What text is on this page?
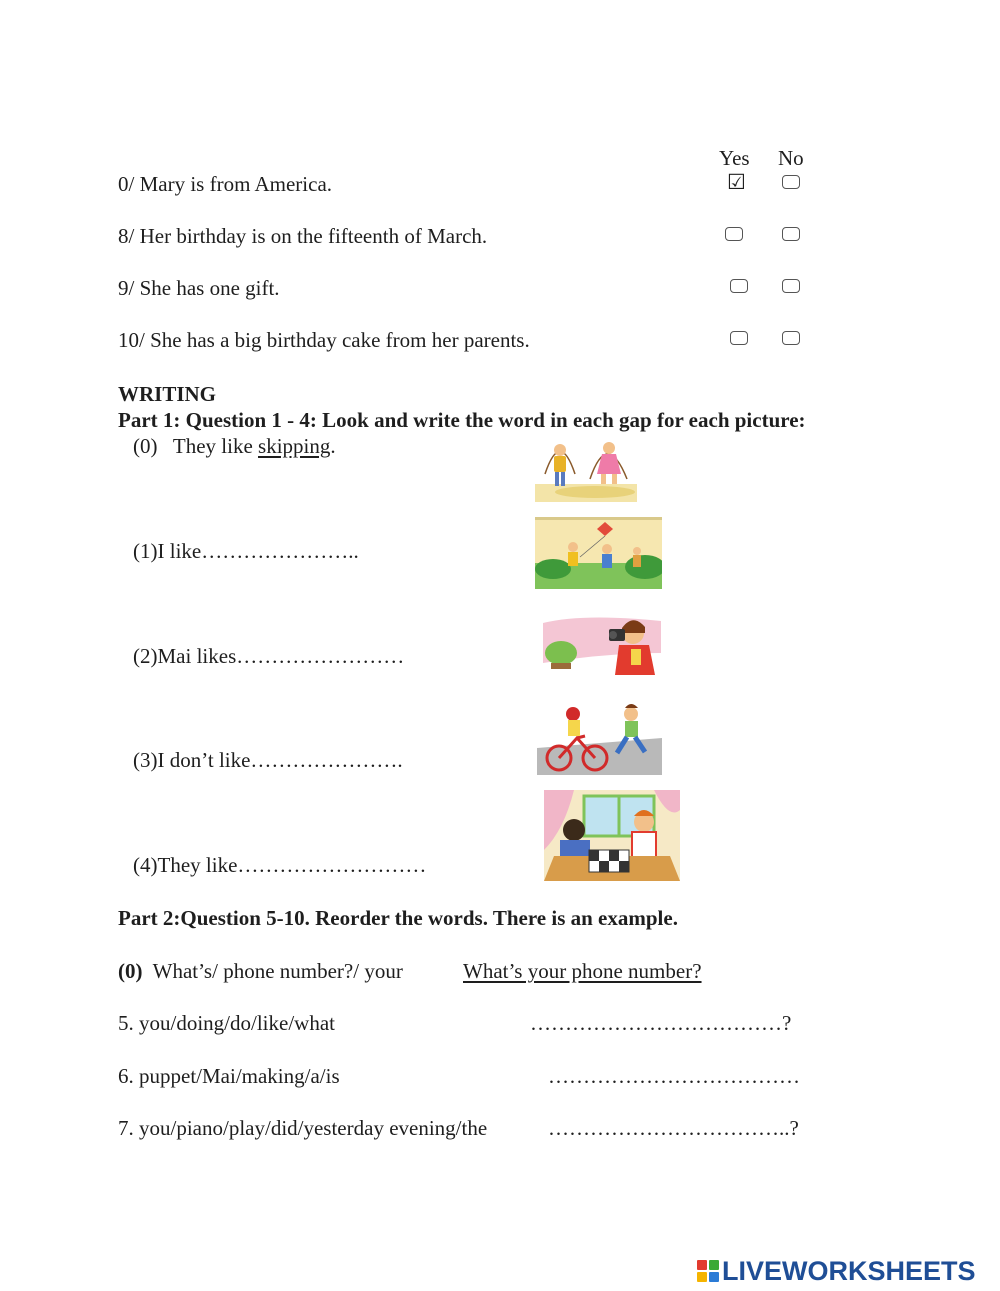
Yes No
0/ Mary is from America.	☑
8/ Her birthday is on the fifteenth of March.
9/ She has one gift.
10/ She has a big birthday cake from her parents.
WRITING
Part 1: Question 1 - 4: Look and write the word in each gap for each picture:
(0) They like skipping.
(1)I like…………………..
(2)Mai likes……………………
(3)I don’t like………………….
(4)They like………………………
Part 2:Question 5-10. Reorder the words. There is an example.
(0) What’s/ phone number?/ your	What’s your phone number?
5. you/doing/do/like/what	………………………………?
6. puppet/Mai/making/a/is	………………………………
7. you/piano/play/did/yesterday evening/the	……………………………..?
LIVEWORKSHEETS
